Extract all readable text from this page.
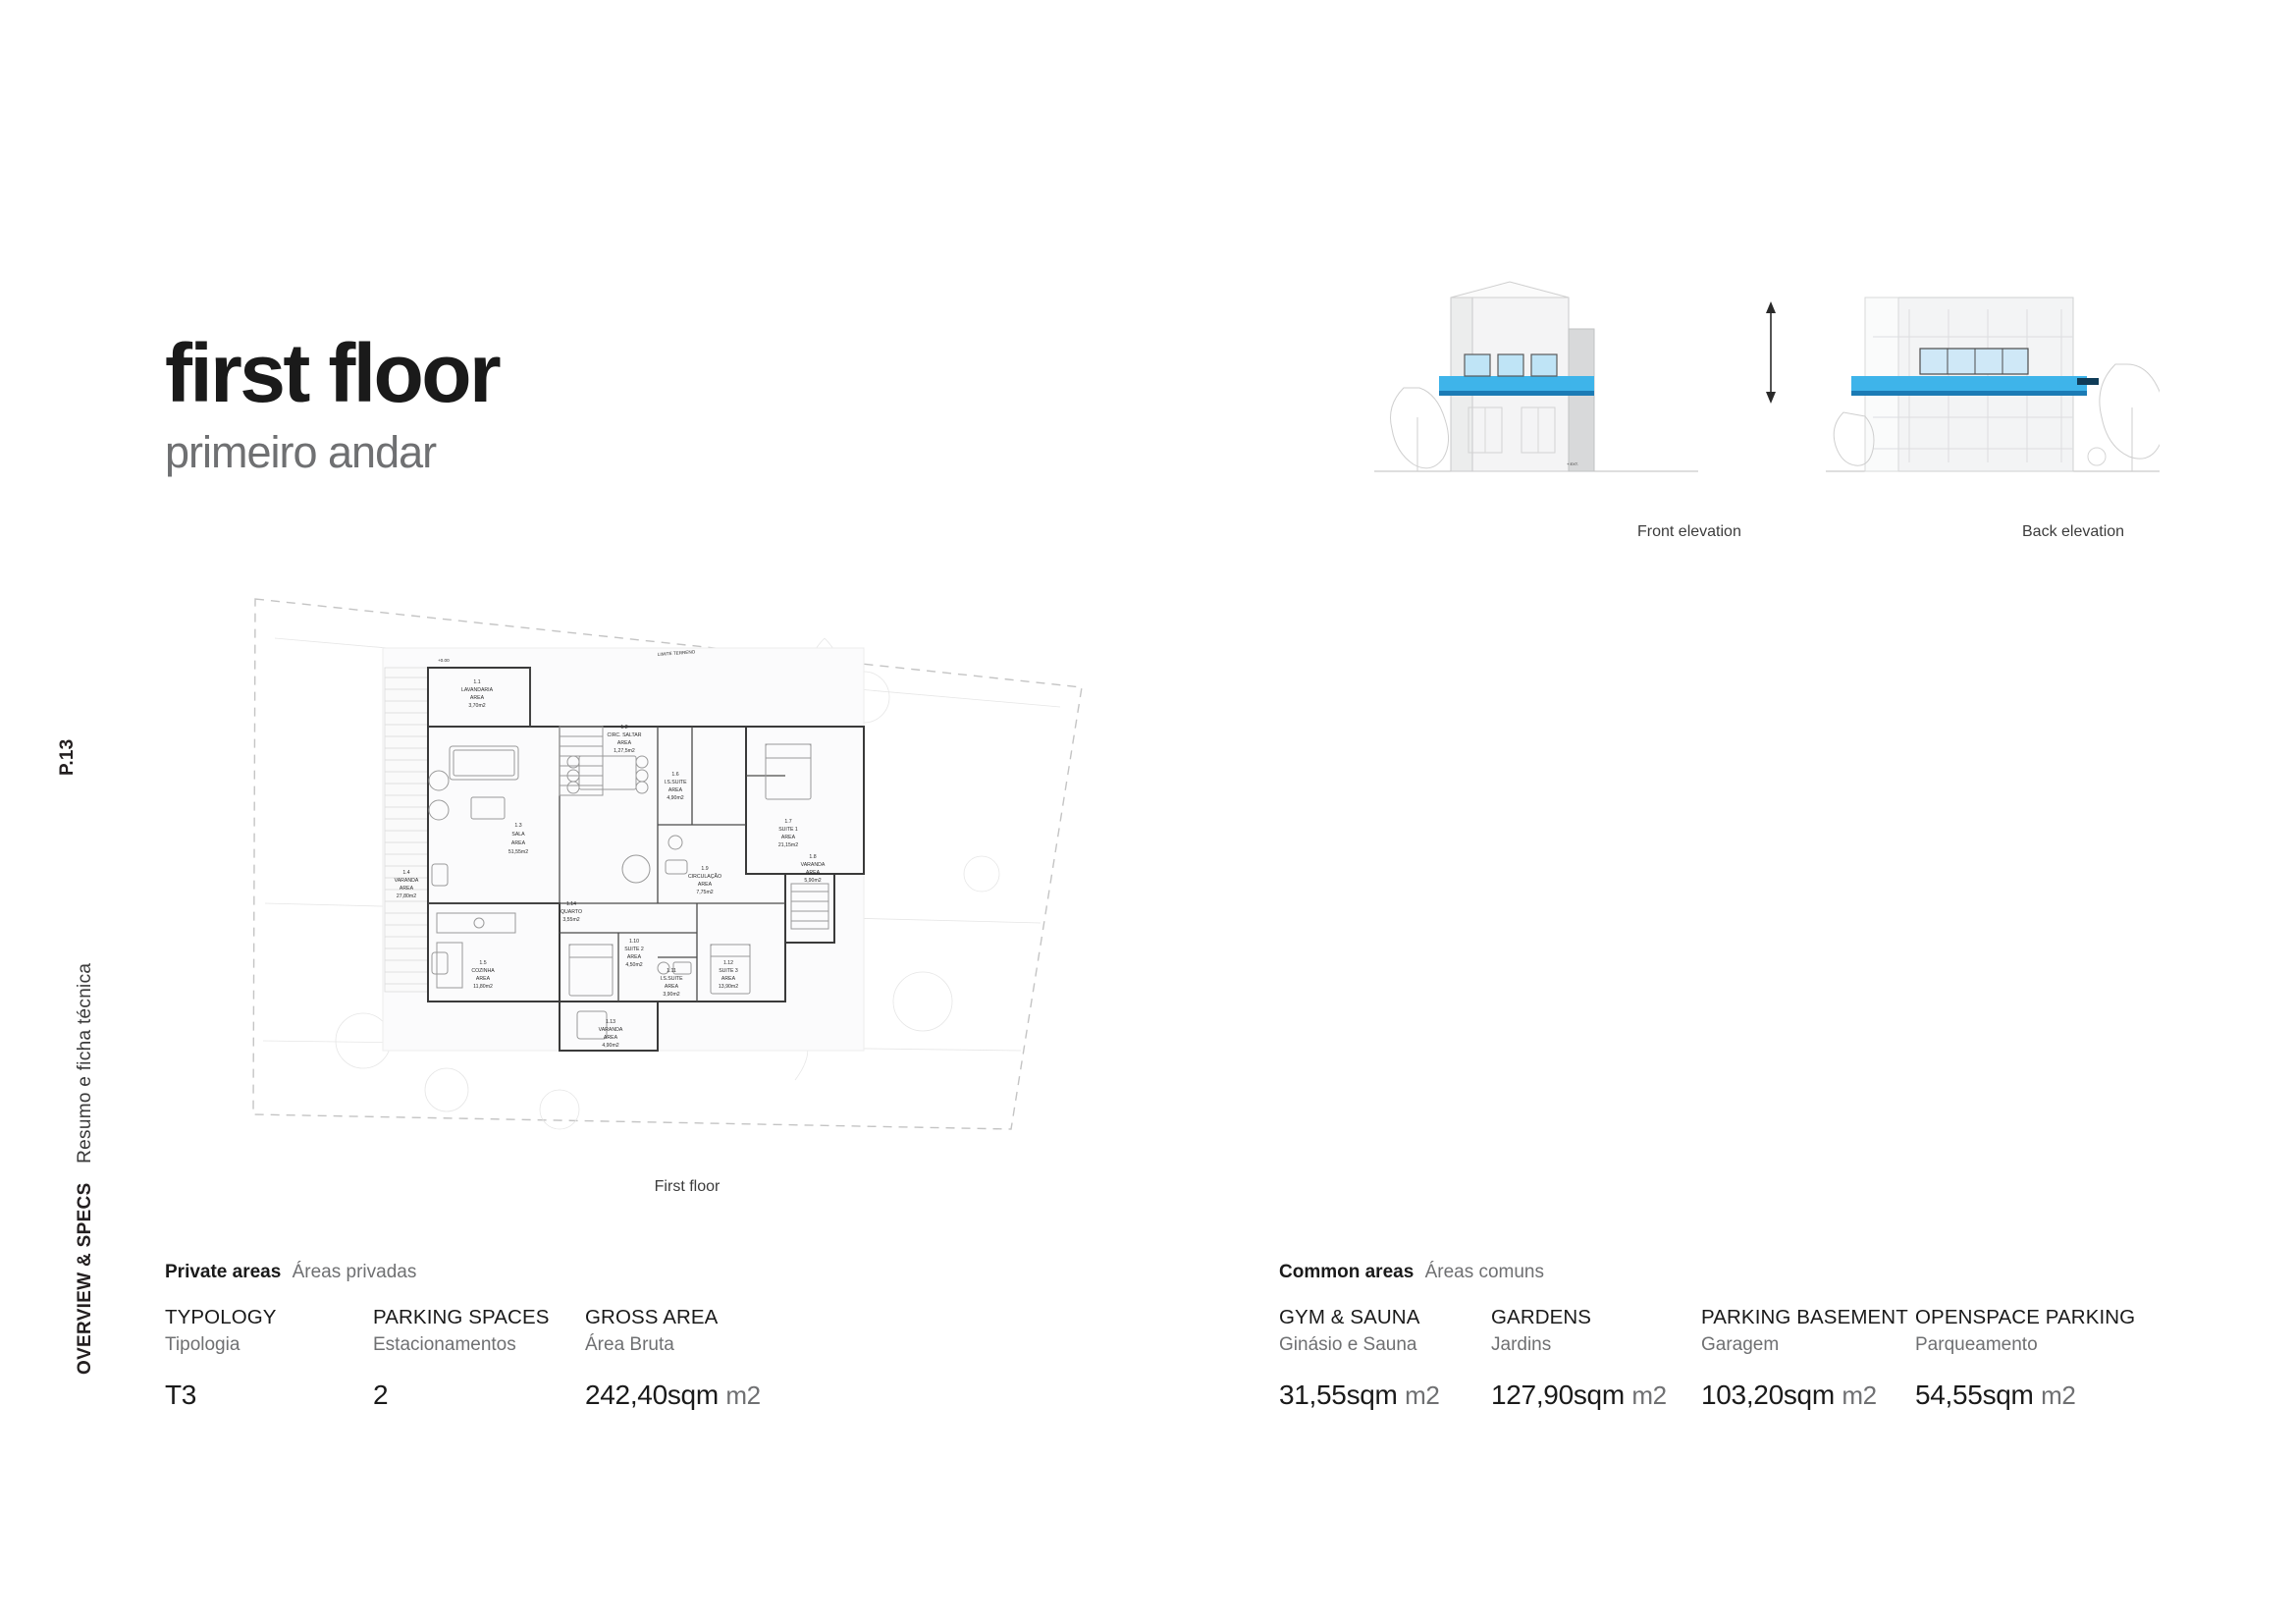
P.13
OVERVIEW & SPECS Resumo e ficha técnica
first floor
primeiro andar	+ EXT.
Front elevation	Back elevation
1.1
LAVANDARIA
AREA
3,70m2
1.2
CIRC. SALTAR
AREA
1,27,5m2
1.3
SALA
AREA
51,55m2
1.4
VARANDA
AREA
27,80m2
1.5
COZINHA
AREA
11,80m2
1.6
I.S.SUITE
AREA
4,90m2
1.7
SUITE 1
AREA
21,15m2
1.8
VARANDA
AREA
5,90m2
1.9
CIRCULAÇÃO
AREA
7,75m2
1.10
SUITE 2
AREA
4,50m2
1.11
I.S.SUITE
AREA
3,90m2
1.12
SUITE 3
AREA
13,90m2
1.13
VARANDA
AREA
4,90m2
1.14
QUARTO
3,55m2
LIMITE TERRENO
+0.00
First floor
Private areas Áreas privadas
TYPOLOGY
Tipologia
T3
PARKING SPACES
Estacionamentos
2
GROSS AREA
Área Bruta
242,40sqm m2
Common areas Áreas comuns
GYM & SAUNA
Ginásio e Sauna
31,55sqm m2
GARDENS
Jardins
127,90sqm m2
PARKING BASEMENT
Garagem
103,20sqm m2
OPENSPACE PARKING
Parqueamento
54,55sqm m2
